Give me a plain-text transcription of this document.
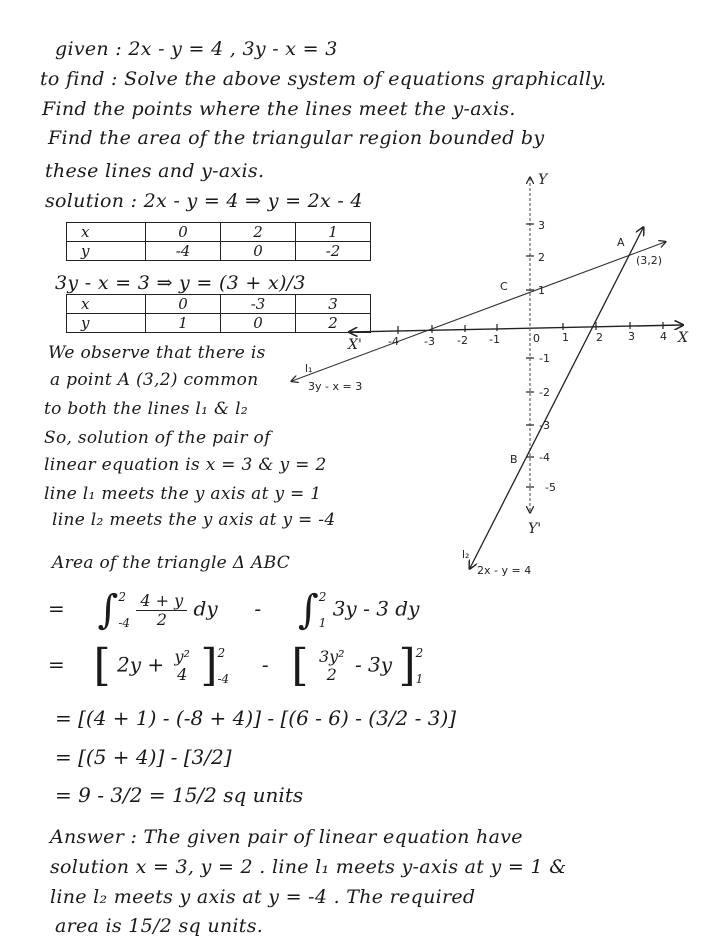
given : 2x - y = 4 , 3y - x = 3
to find : Solve the above system of equations graphically.
Find the points where the lines meet the y-axis.
Find the area of the triangular region bounded by
these lines and y-axis.
solution : 2x - y = 4 ⇒ y = 2x - 4
x	0	2	1
y	-4	0	-2
3y - x = 3 ⇒ y = (3 + x)/3
x	0	-3	3
y	1	0	2
We observe that there is
a point A (3,2) common
to both the lines l₁ & l₂
So, solution of the pair of
linear equation is x = 3 & y = 2
line l₁ meets the y axis at y = 1
line l₂ meets the y axis at y = -4
Area of the triangle Δ ABC
Y
Y'
X
X' -4 -3 -2 -1	0 1 2 3 4
3
2
1
-1
-2
-3
-4
-5
A
(3,2)
B
C
l₁
3y - x = 3
l₂
2x - y = 4
= ∫2
$-4 \frac{4 + y}{2}$ dy - ∫2
1 3y - 3 dy
= [ 2y + y²
4 ]2
-4  - [ 3y²
2 - 3y ]2
1
= [(4 + 1) - (-8 + 4)] - [(6 - 6) - (3/2 - 3)]
= [(5 + 4)] - [3/2]
= 9 - 3/2 = 15/2 sq units
Answer : The given pair of linear equation have
solution x = 3, y = 2 . line l₁ meets y-axis at y = 1 &
line l₂ meets y axis at y = -4 . The required
area is 15/2 sq units.
